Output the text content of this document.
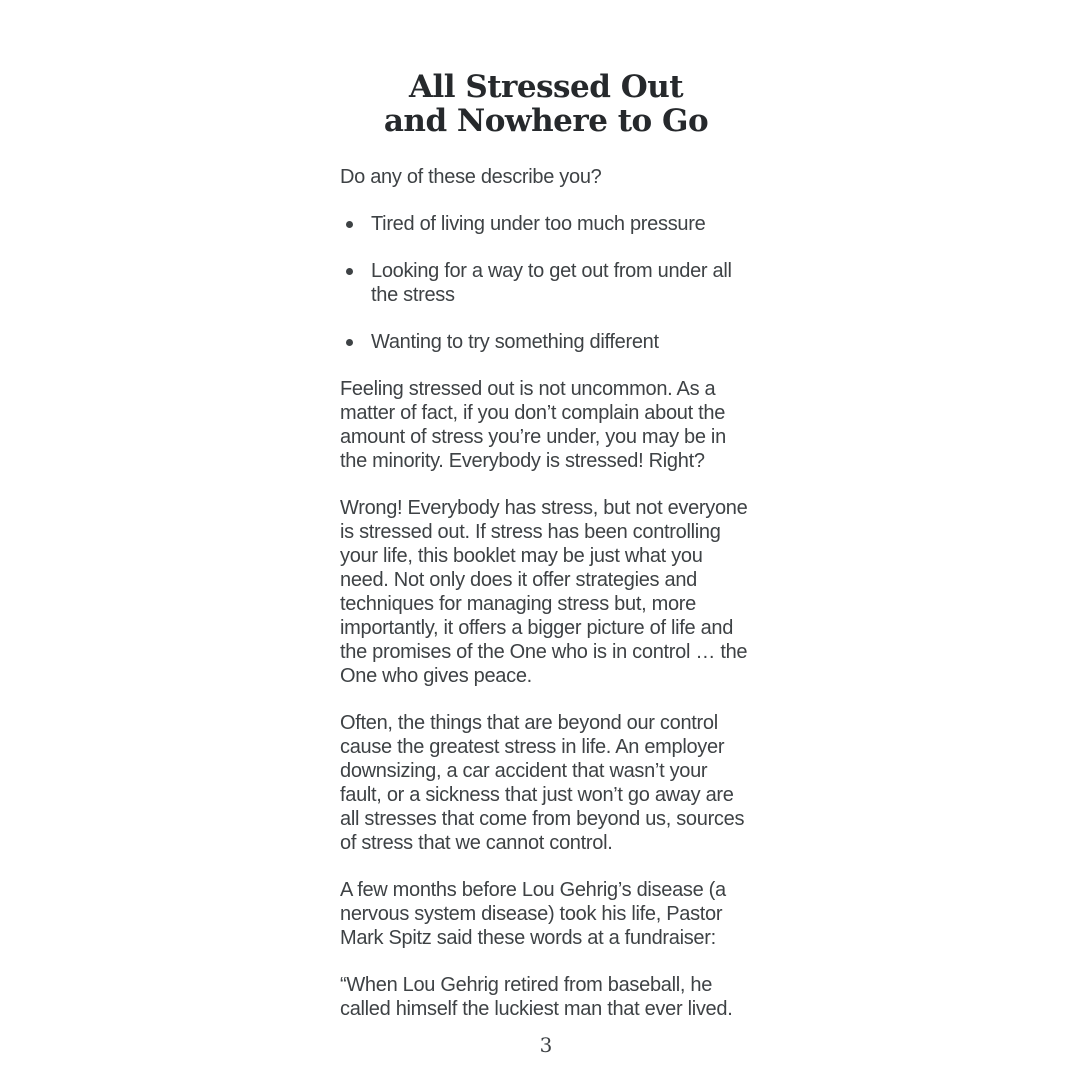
All Stressed Out
and Nowhere to Go

Do any of these describe you?

Tired of living under too much pressure
Looking for a way to get out from under all the stress
Wanting to try something different

Feeling stressed out is not uncommon. As a matter of fact, if you don’t complain about the amount of stress you’re under, you may be in the minority. Everybody is stressed! Right?

Wrong! Everybody has stress, but not everyone is stressed out. If stress has been controlling your life, this booklet may be just what you need. Not only does it offer strategies and techniques for managing stress but, more importantly, it offers a bigger picture of life and the promises of the One who is in control … the One who gives peace.

Often, the things that are beyond our control cause the greatest stress in life. An employer downsizing, a car accident that wasn’t your fault, or a sickness that just won’t go away are all stresses that come from beyond us, sources of stress that we cannot control.

A few months before Lou Gehrig’s disease (a nervous system disease) took his life, Pastor Mark Spitz said these words at a fundraiser:

“When Lou Gehrig retired from baseball, he called himself the luckiest man that ever lived.

3
